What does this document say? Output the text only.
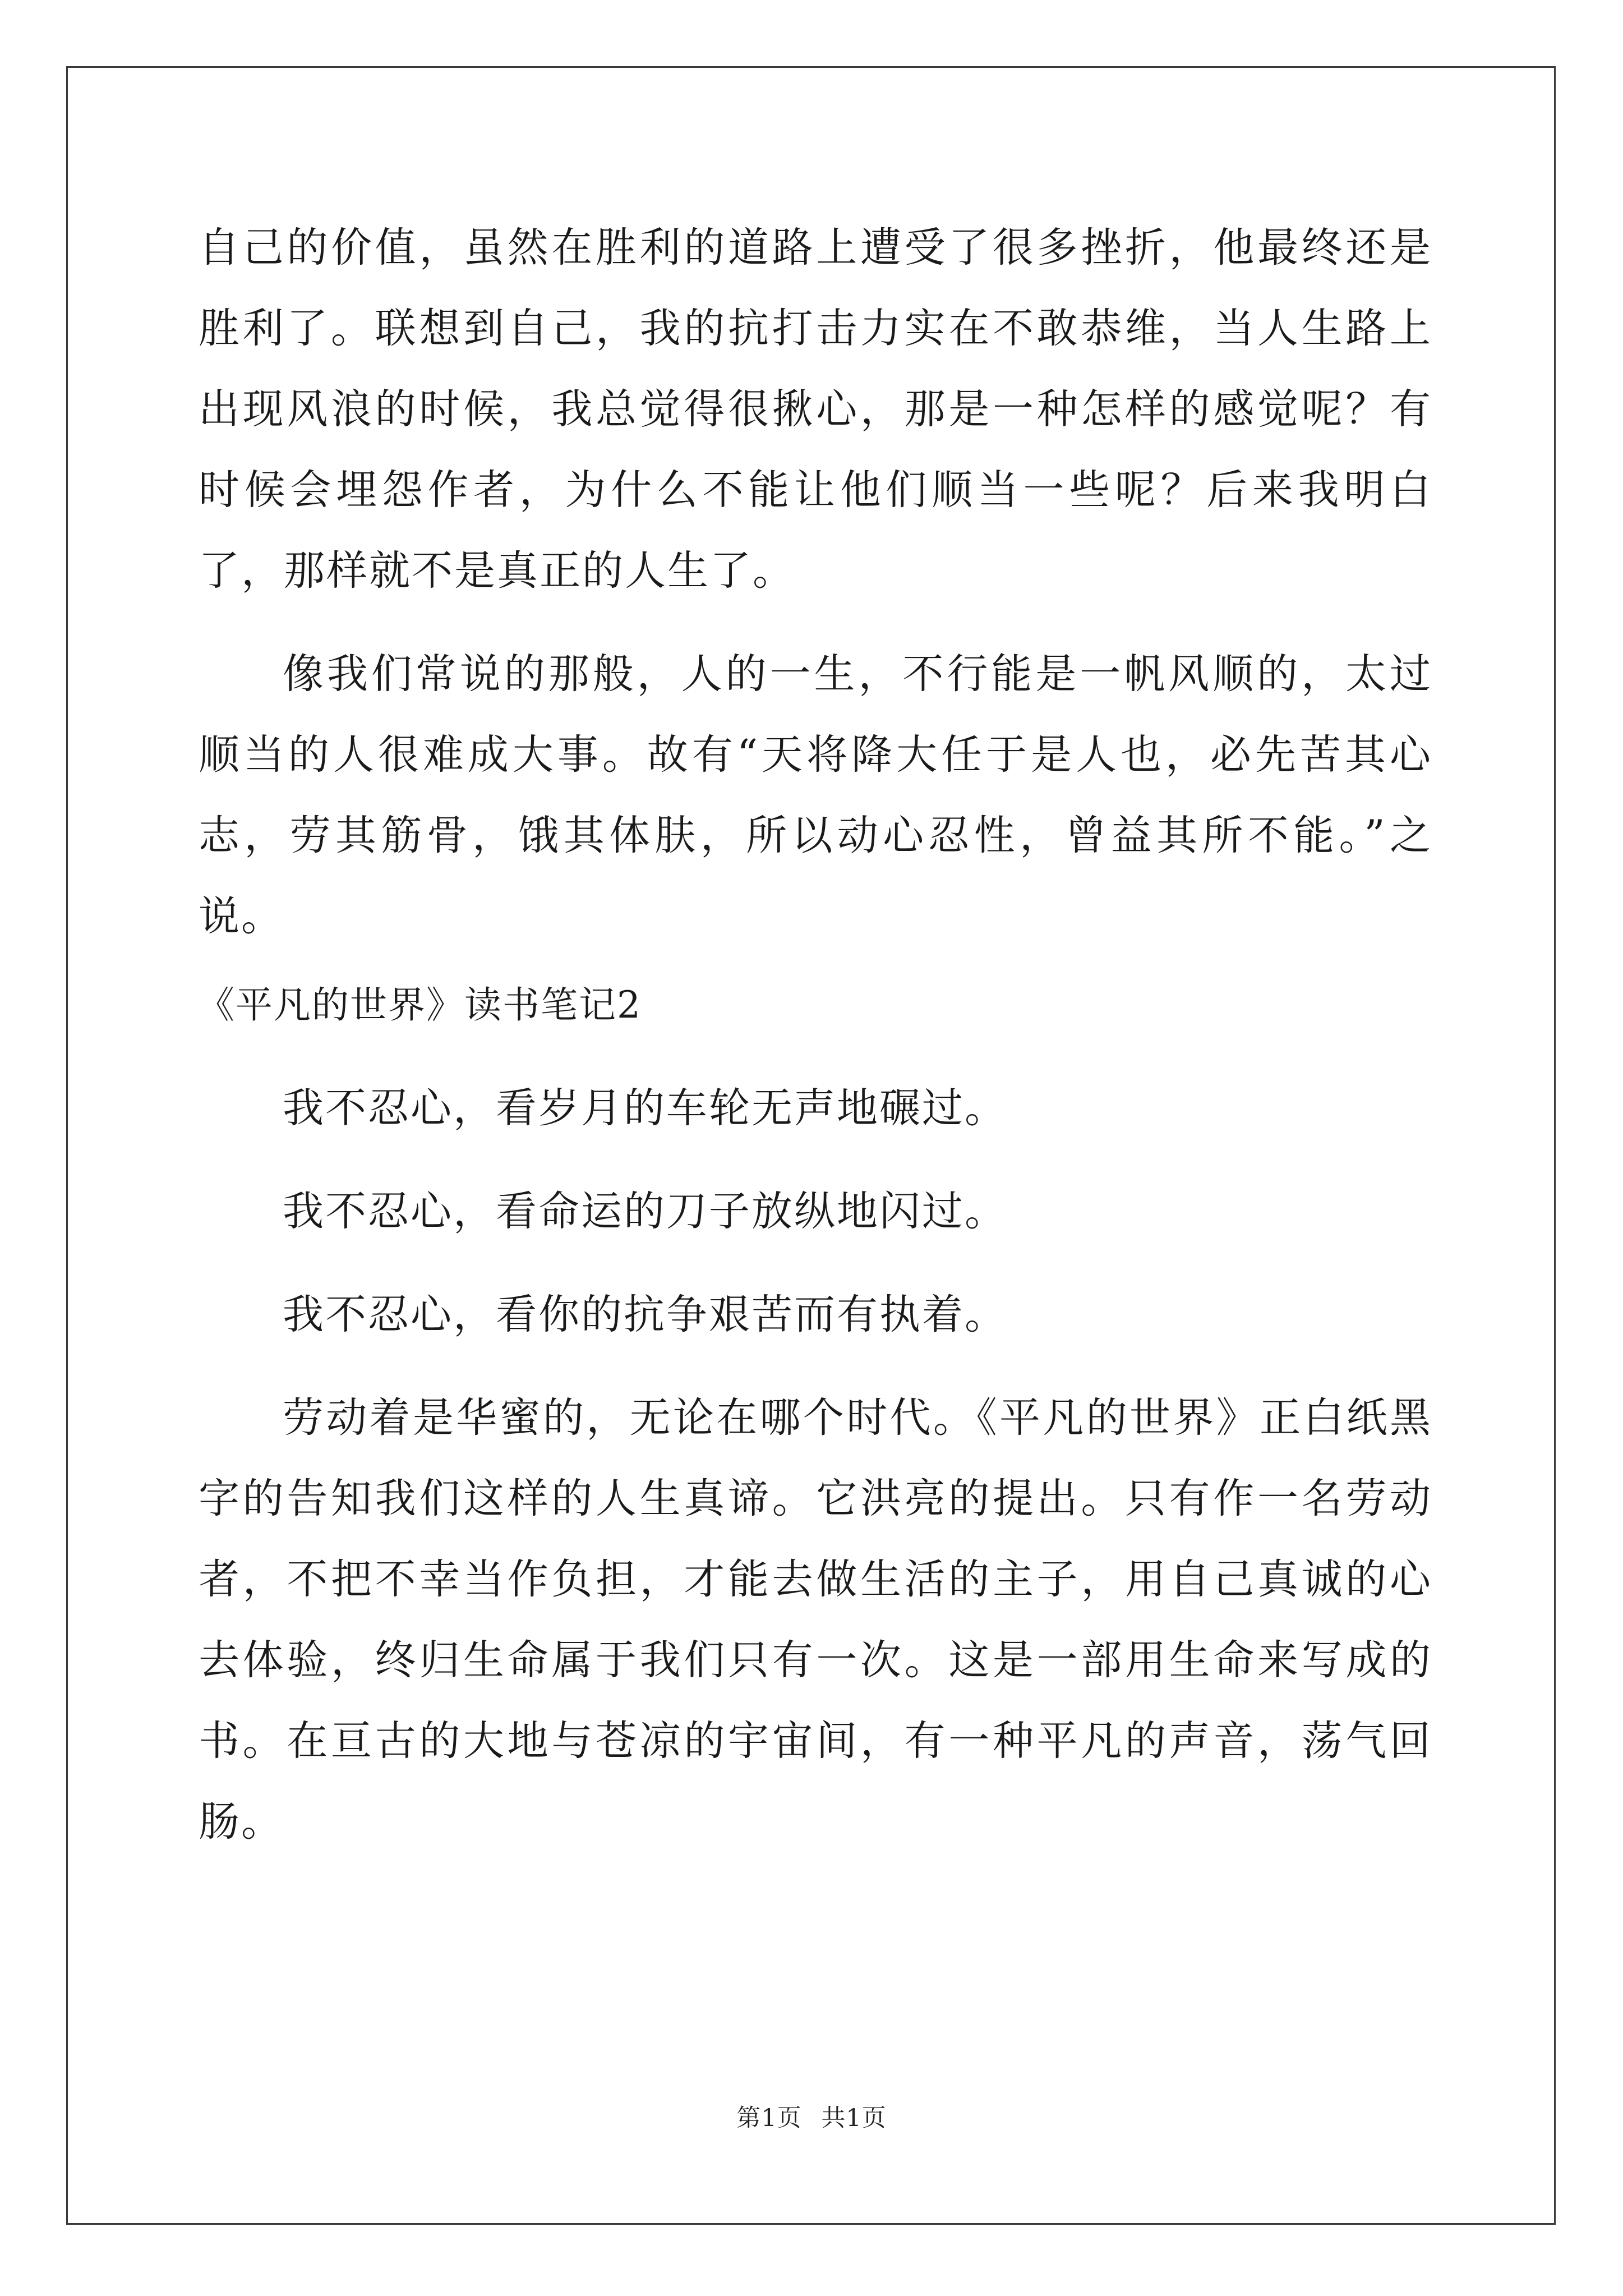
自己的价值，虽然在胜利的道路上遭受了很多挫折，他最终还是胜利了。联想到自己，我的抗打击力实在不敢恭维，当人生路上出现风浪的时候，我总觉得很揪心，那是一种怎样的感觉呢？有时候会埋怨作者，为什么不能让他们顺当一些呢？后来我明白了，那样就不是真正的人生了。

像我们常说的那般，人的一生，不行能是一帆风顺的，太过顺当的人很难成大事。故有“天将降大任于是人也，必先苦其心志，劳其筋骨，饿其体肤，所以动心忍性，曾益其所不能。”之说。

《平凡的世界》读书笔记2

我不忍心，看岁月的车轮无声地碾过。

我不忍心，看命运的刀子放纵地闪过。

我不忍心，看你的抗争艰苦而有执着。

劳动着是华蜜的，无论在哪个时代。《平凡的世界》正白纸黑字的告知我们这样的人生真谛。它洪亮的提出。只有作一名劳动者，不把不幸当作负担，才能去做生活的主子，用自己真诚的心去体验，终归生命属于我们只有一次。这是一部用生命来写成的书。在亘古的大地与苍凉的宇宙间，有一种平凡的声音，荡气回肠。

第1页 共1页
